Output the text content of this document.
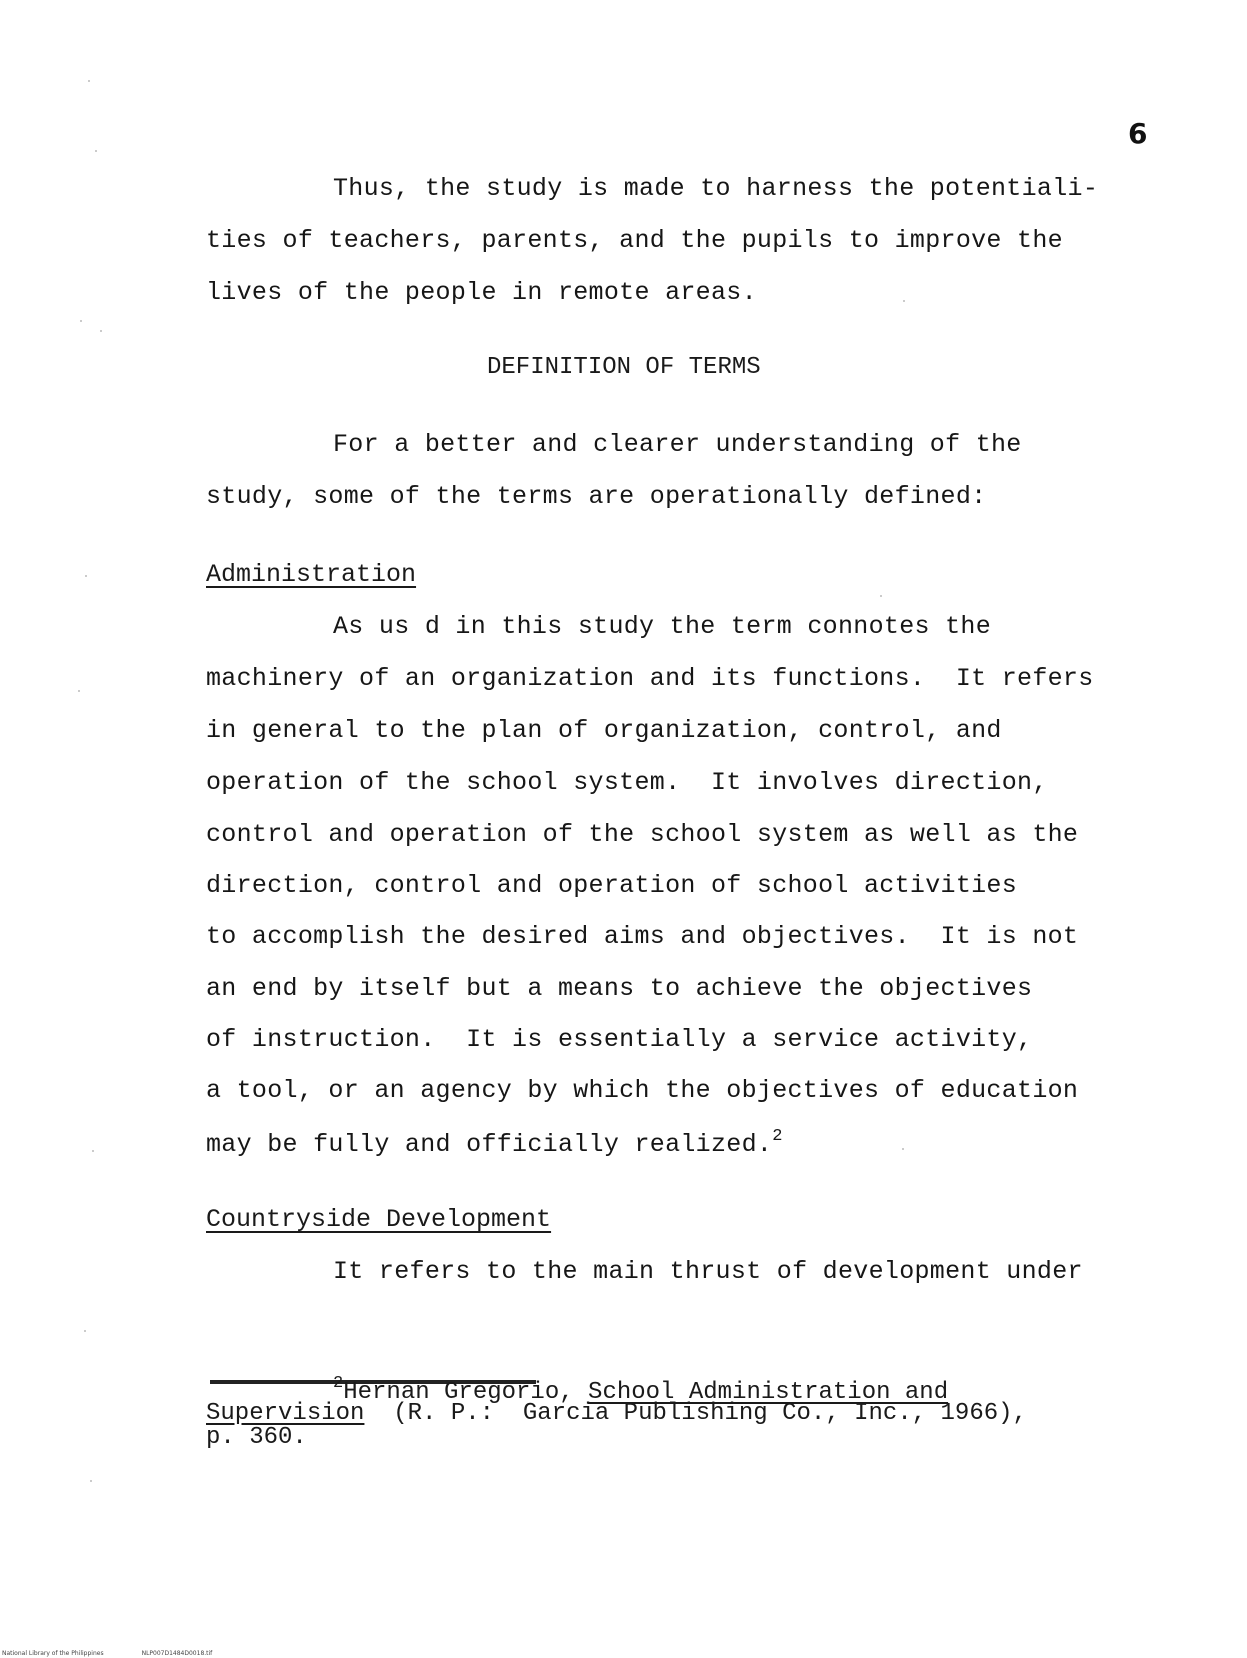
6
Thus, the study is made to harness the potentiali-
ties of teachers, parents, and the pupils to improve the
lives of the people in remote areas.
DEFINITION OF TERMS
For a better and clearer understanding of the
study, some of the terms are operationally defined:
Administration
As us d in this study the term connotes the
machinery of an organization and its functions.  It refers
in general to the plan of organization, control, and
operation of the school system.  It involves direction,
control and operation of the school system as well as the
direction, control and operation of school activities
to accomplish the desired aims and objectives.  It is not
an end by itself but a means to achieve the objectives
of instruction.  It is essentially a service activity,
a tool, or an agency by which the objectives of education
may be fully and officially realized.$^2$
Countryside Development
It refers to the main thrust of development under
$^2$Hernan Gregorio, School Administration and
Supervision  (R. P.:  Garcia Publishing Co., Inc., 1966),
p. 360.
National Library of the Philippines	NLP007D1484D0018.tif
